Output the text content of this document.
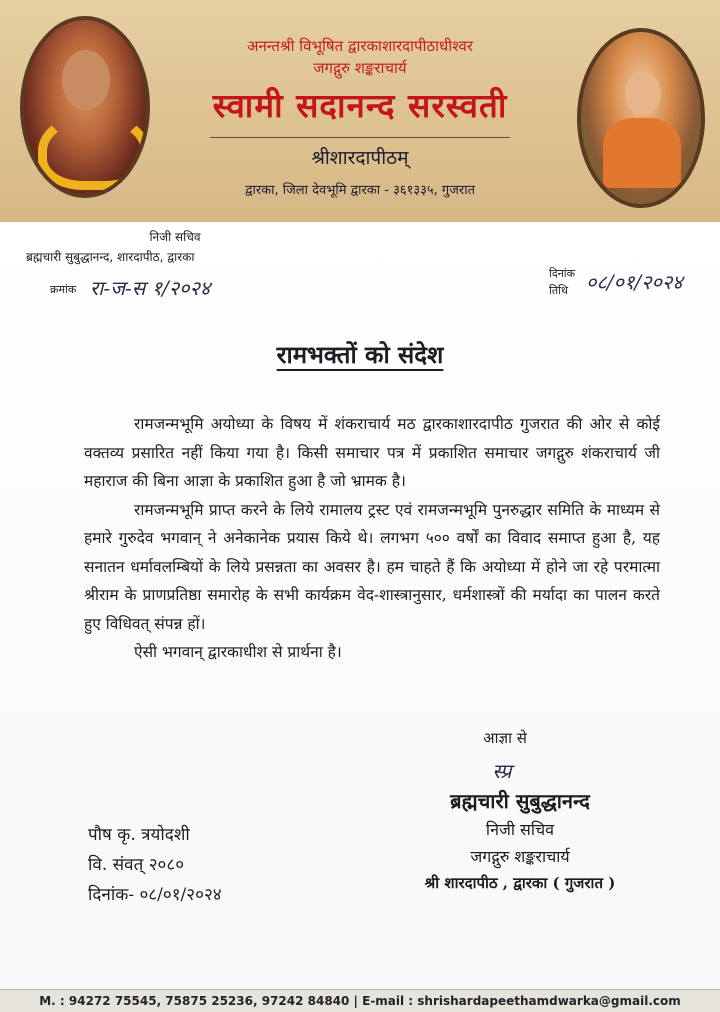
अनन्तश्री विभूषित द्वारकाशारदापीठाधीश्वर
जगद्गुरु शङ्कराचार्य
स्वामी सदानन्द सरस्वती
श्रीशारदापीठम्
द्वारका, जिला देवभूमि द्वारका - ३६१३३५, गुजरात
निजी सचिव
ब्रह्मचारी सुबुद्धानन्द, शारदापीठ, द्वारका
क्रमांक रा-ज-स १/२०२४
दिनांक
तिथि ०८/०१/२०२४
रामभक्तों को संदेश

रामजन्मभूमि अयोध्या के विषय में शंकराचार्य मठ द्वारकाशारदापीठ गुजरात की ओर से कोई वक्तव्य प्रसारित नहीं किया गया है। किसी समाचार पत्र में प्रकाशित समाचार जगद्गुरु शंकराचार्य जी महाराज की बिना आज्ञा के प्रकाशित हुआ है जो भ्रामक है।

रामजन्मभूमि प्राप्त करने के लिये रामालय ट्रस्ट एवं रामजन्मभूमि पुनरुद्धार समिति के माध्यम से हमारे गुरुदेव भगवान् ने अनेकानेक प्रयास किये थे। लगभग ५०० वर्षों का विवाद समाप्त हुआ है, यह सनातन धर्मावलम्बियों के लिये प्रसन्नता का अवसर है। हम चाहते हैं कि अयोध्या में होने जा रहे परमात्मा श्रीराम के प्राणप्रतिष्ठा समारोह के सभी कार्यक्रम वेद-शास्त्रानुसार, धर्मशास्त्रों की मर्यादा का पालन करते हुए विधिवत् संपन्न हों।

ऐसी भगवान् द्वारकाधीश से प्रार्थना है।

आज्ञा से
स्प्र
ब्रह्मचारी सुबुद्धानन्द
निजी सचिव
जगद्गुरु शङ्कराचार्य
श्री शारदापीठ , द्वारका ( गुजरात )
पौष कृ. त्रयोदशी
वि. संवत् २०८०
दिनांक- ०८/०१/२०२४
M. : 94272 75545, 75875 25236, 97242 84840 | E-mail : shrishardapeethamdwarka@gmail.com
